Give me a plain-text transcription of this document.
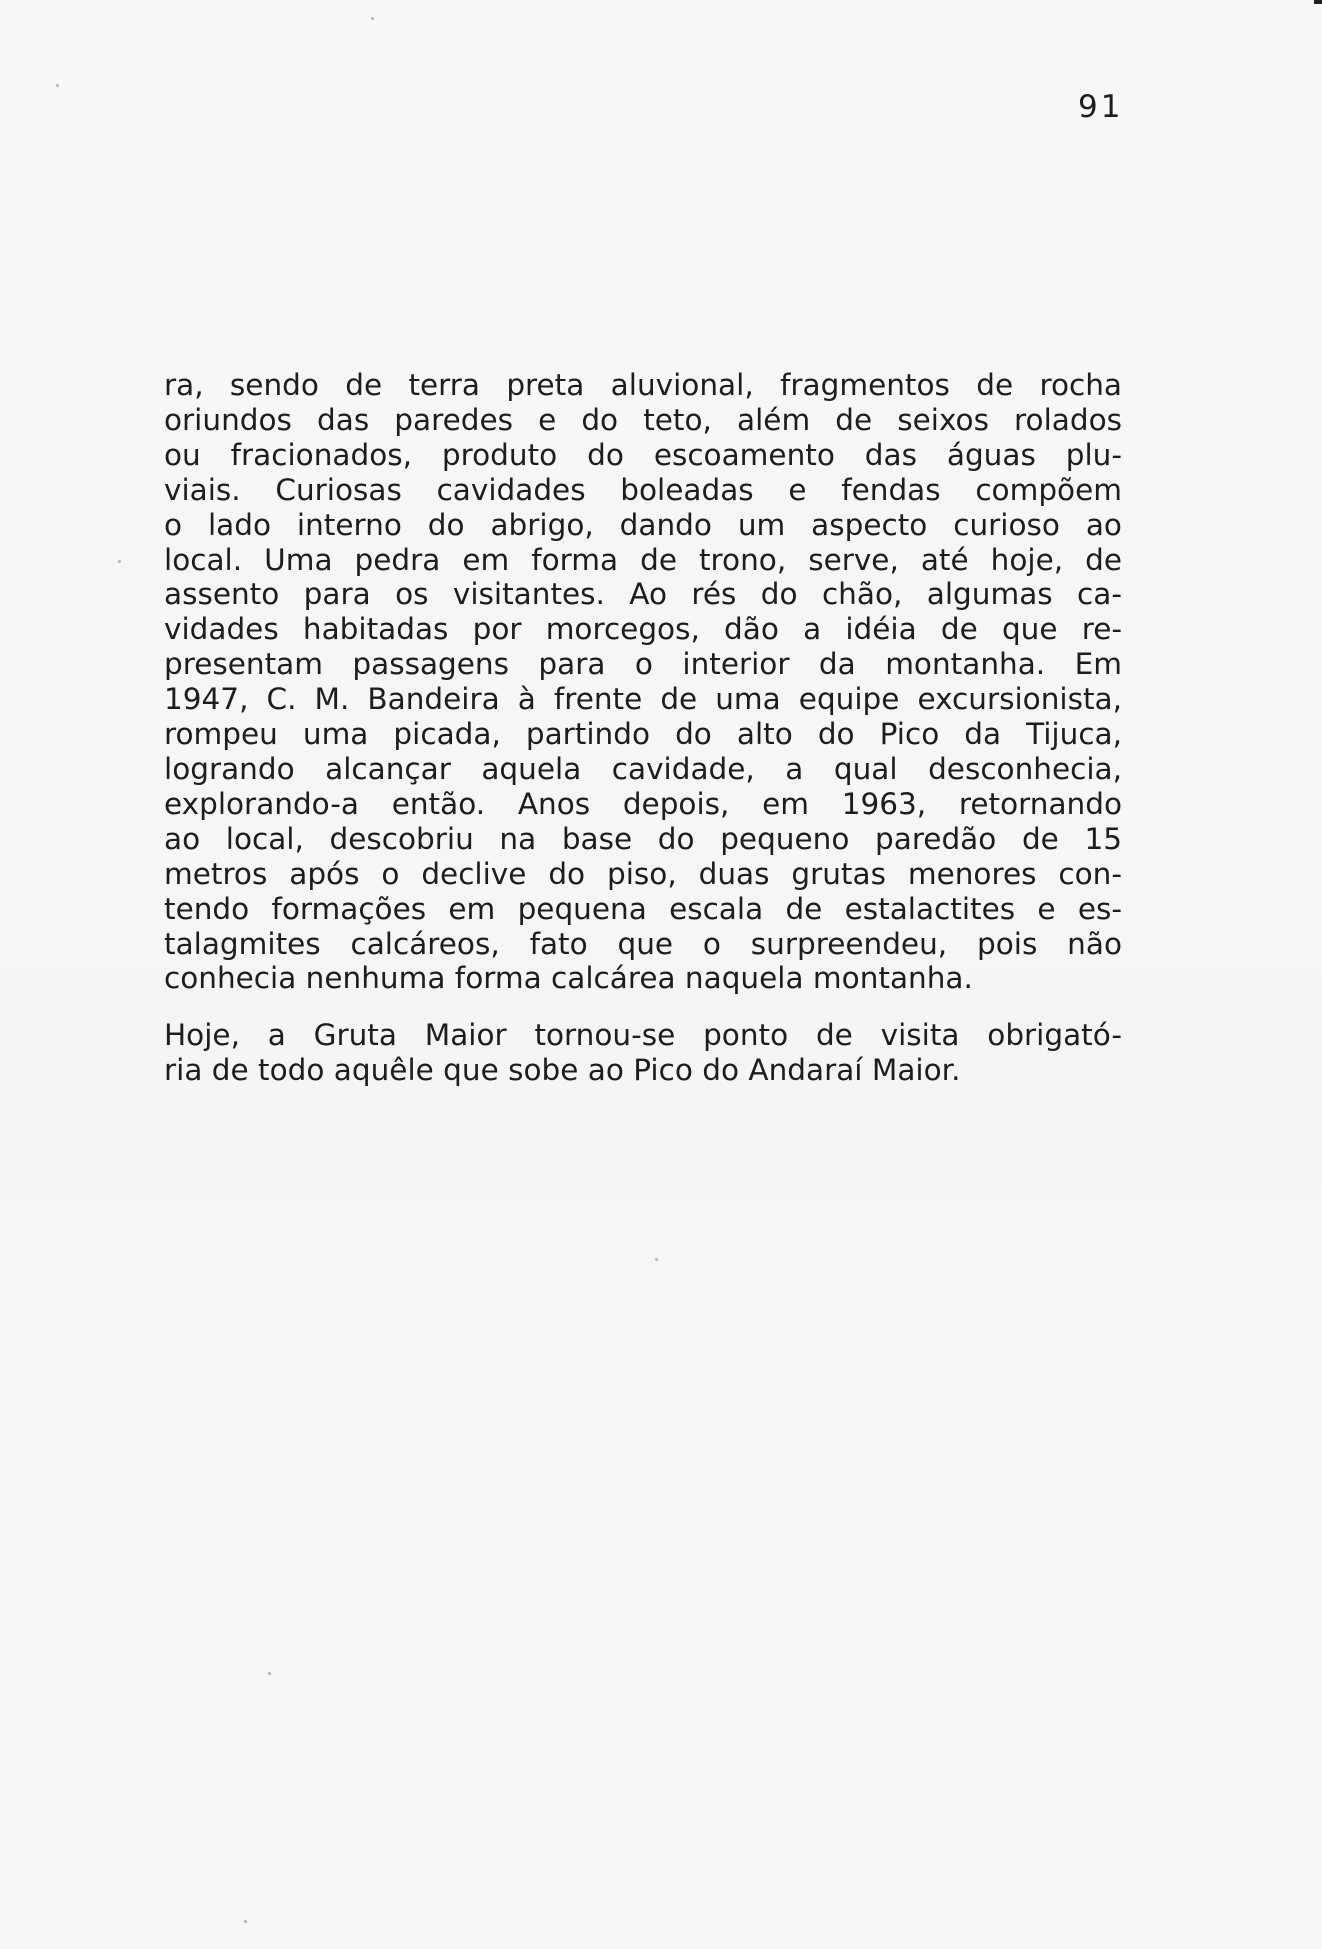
91
ra, sendo de terra preta aluvional, fragmentos de rocha
oriundos das paredes e do teto, além de seixos rolados
ou fracionados, produto do escoamento das águas plu-
viais. Curiosas cavidades boleadas e fendas compõem
o lado interno do abrigo, dando um aspecto curioso ao
local. Uma pedra em forma de trono, serve, até hoje, de
assento para os visitantes. Ao rés do chão, algumas ca-
vidades habitadas por morcegos, dão a idéia de que re-
presentam passagens para o interior da montanha. Em
1947, C. M. Bandeira à frente de uma equipe excursionista,
rompeu uma picada, partindo do alto do Pico da Tijuca,
logrando alcançar aquela cavidade, a qual desconhecia,
explorando-a então. Anos depois, em 1963, retornando
ao local, descobriu na base do pequeno paredão de 15
metros após o declive do piso, duas grutas menores con-
tendo formações em pequena escala de estalactites e es-
talagmites calcáreos, fato que o surpreendeu, pois não
conhecia nenhuma forma calcárea naquela montanha.
Hoje, a Gruta Maior tornou-se ponto de visita obrigató-
ria de todo aquêle que sobe ao Pico do Andaraí Maior.
